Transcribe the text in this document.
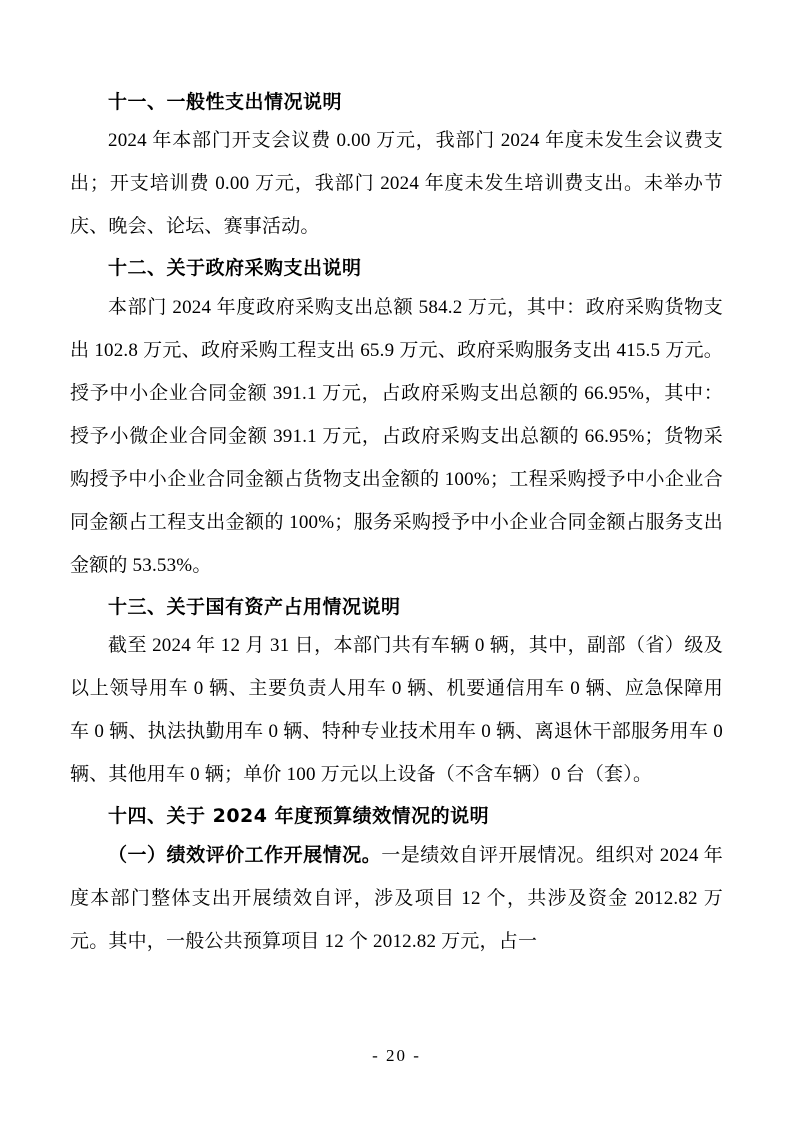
十一、一般性支出情况说明

2024 年本部门开支会议费 0.00 万元，我部门 2024 年度未发生会议费支出；开支培训费 0.00 万元，我部门 2024 年度未发生培训费支出。未举办节庆、晚会、论坛、赛事活动。

十二、关于政府采购支出说明

本部门 2024 年度政府采购支出总额 584.2 万元，其中：政府采购货物支出 102.8 万元、政府采购工程支出 65.9 万元、政府采购服务支出 415.5 万元。授予中小企业合同金额 391.1 万元，占政府采购支出总额的 66.95%，其中：授予小微企业合同金额 391.1 万元，占政府采购支出总额的 66.95%；货物采购授予中小企业合同金额占货物支出金额的 100%；工程采购授予中小企业合同金额占工程支出金额的 100%；服务采购授予中小企业合同金额占服务支出金额的 53.53%。

十三、关于国有资产占用情况说明

截至 2024 年 12 月 31 日，本部门共有车辆 0 辆，其中，副部（省）级及以上领导用车 0 辆、主要负责人用车 0 辆、机要通信用车 0 辆、应急保障用车 0 辆、执法执勤用车 0 辆、特种专业技术用车 0 辆、离退休干部服务用车 0 辆、其他用车 0 辆；单价 100 万元以上设备（不含车辆）0 台（套）。

十四、关于 2024 年度预算绩效情况的说明

（一）绩效评价工作开展情况。一是绩效自评开展情况。组织对 2024 年度本部门整体支出开展绩效自评，涉及项目 12 个，共涉及资金 2012.82 万元。其中，一般公共预算项目 12 个 2012.82 万元，占一

- 20 -
